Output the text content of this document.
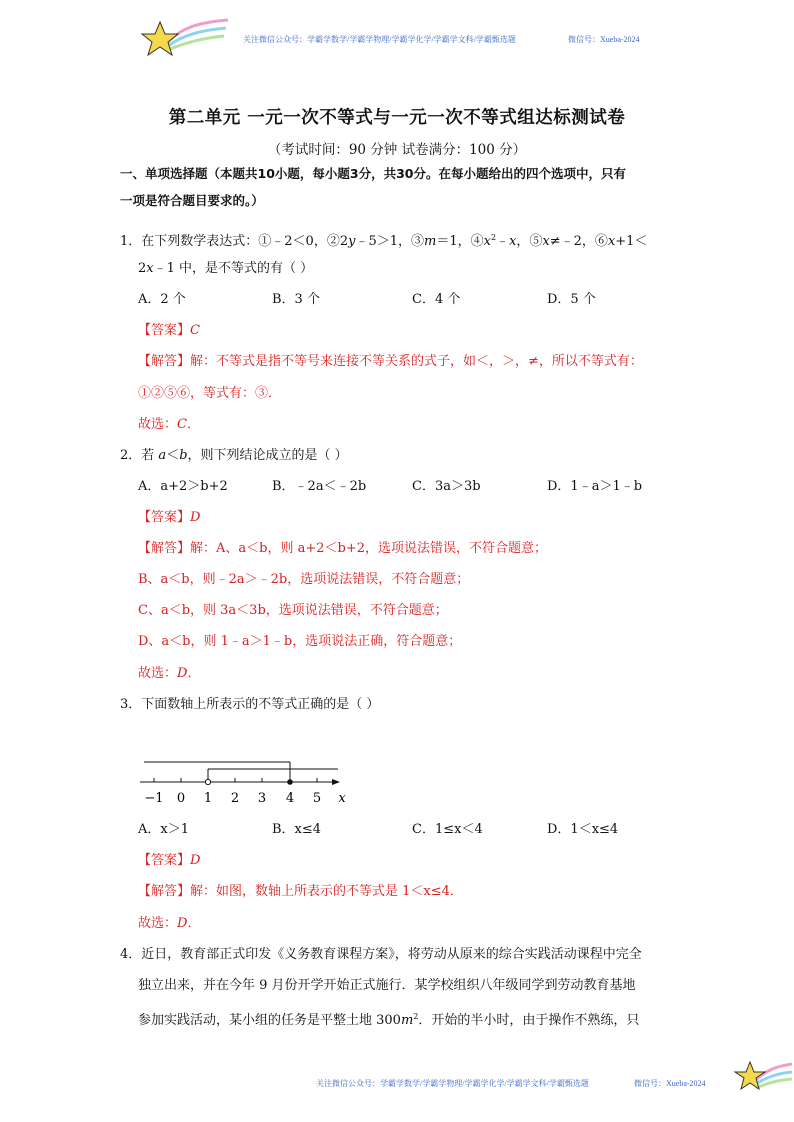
关注微信公众号：学霸学数学/学霸学物理/学霸学化学/学霸学文科/学霸甄选题	微信号：Xueba-2024
第二单元 一元一次不等式与一元一次不等式组达标测试卷
（考试时间：90 分钟 试卷满分：100 分）
一、单项选择题（本题共10小题，每小题3分，共30分。在每小题给出的四个选项中，只有
一项是符合题目要求的。）
1．在下列数学表达式：①﹣2＜0，②2y﹣5＞1，③m＝1，$④x^2﹣x$，⑤x≠﹣2，⑥x+1＜
2x﹣1 中，是不等式的有（ ）
A．2 个	B．3 个	C．4 个	D．5 个
【答案】C
【解答】解：不等式是指不等号来连接不等关系的式子，如＜，＞，≠，所以不等式有：
①②⑤⑥，等式有：③．
故选：C．
2．若 a＜b，则下列结论成立的是（ ）
A．a+2＞b+2	B．﹣2a＜﹣2b	C．3a＞3b	D．1﹣a＞1﹣b
【答案】D
【解答】解：A、a＜b，则 a+2＜b+2，选项说法错误，不符合题意；
B、a＜b，则﹣2a＞﹣2b，选项说法错误，不符合题意；
C、a＜b，则 3a＜3b，选项说法错误，不符合题意；
D、a＜b，则 1﹣a＞1﹣b，选项说法正确，符合题意；
故选：D．
3．下面数轴上所表示的不等式正确的是（ ）
−1 0 1 2 3 4 5 x
A．x＞1	B．x≤4	C．1≤x＜4	D．1＜x≤4
【答案】D
【解答】解：如图，数轴上所表示的不等式是 1＜x≤4．
故选：D．
4．近日，教育部正式印发《义务教育课程方案》，将劳动从原来的综合实践活动课程中完全
独立出来，并在今年 9 月份开学开始正式施行．某学校组织八年级同学到劳动教育基地
参加实践活动，某小组的任务是平整土地 $300m^2$．开始的半小时，由于操作不熟练，只
关注微信公众号：学霸学数学/学霸学物理/学霸学化学/学霸学文科/学霸甄选题	微信号：Xueba-2024
